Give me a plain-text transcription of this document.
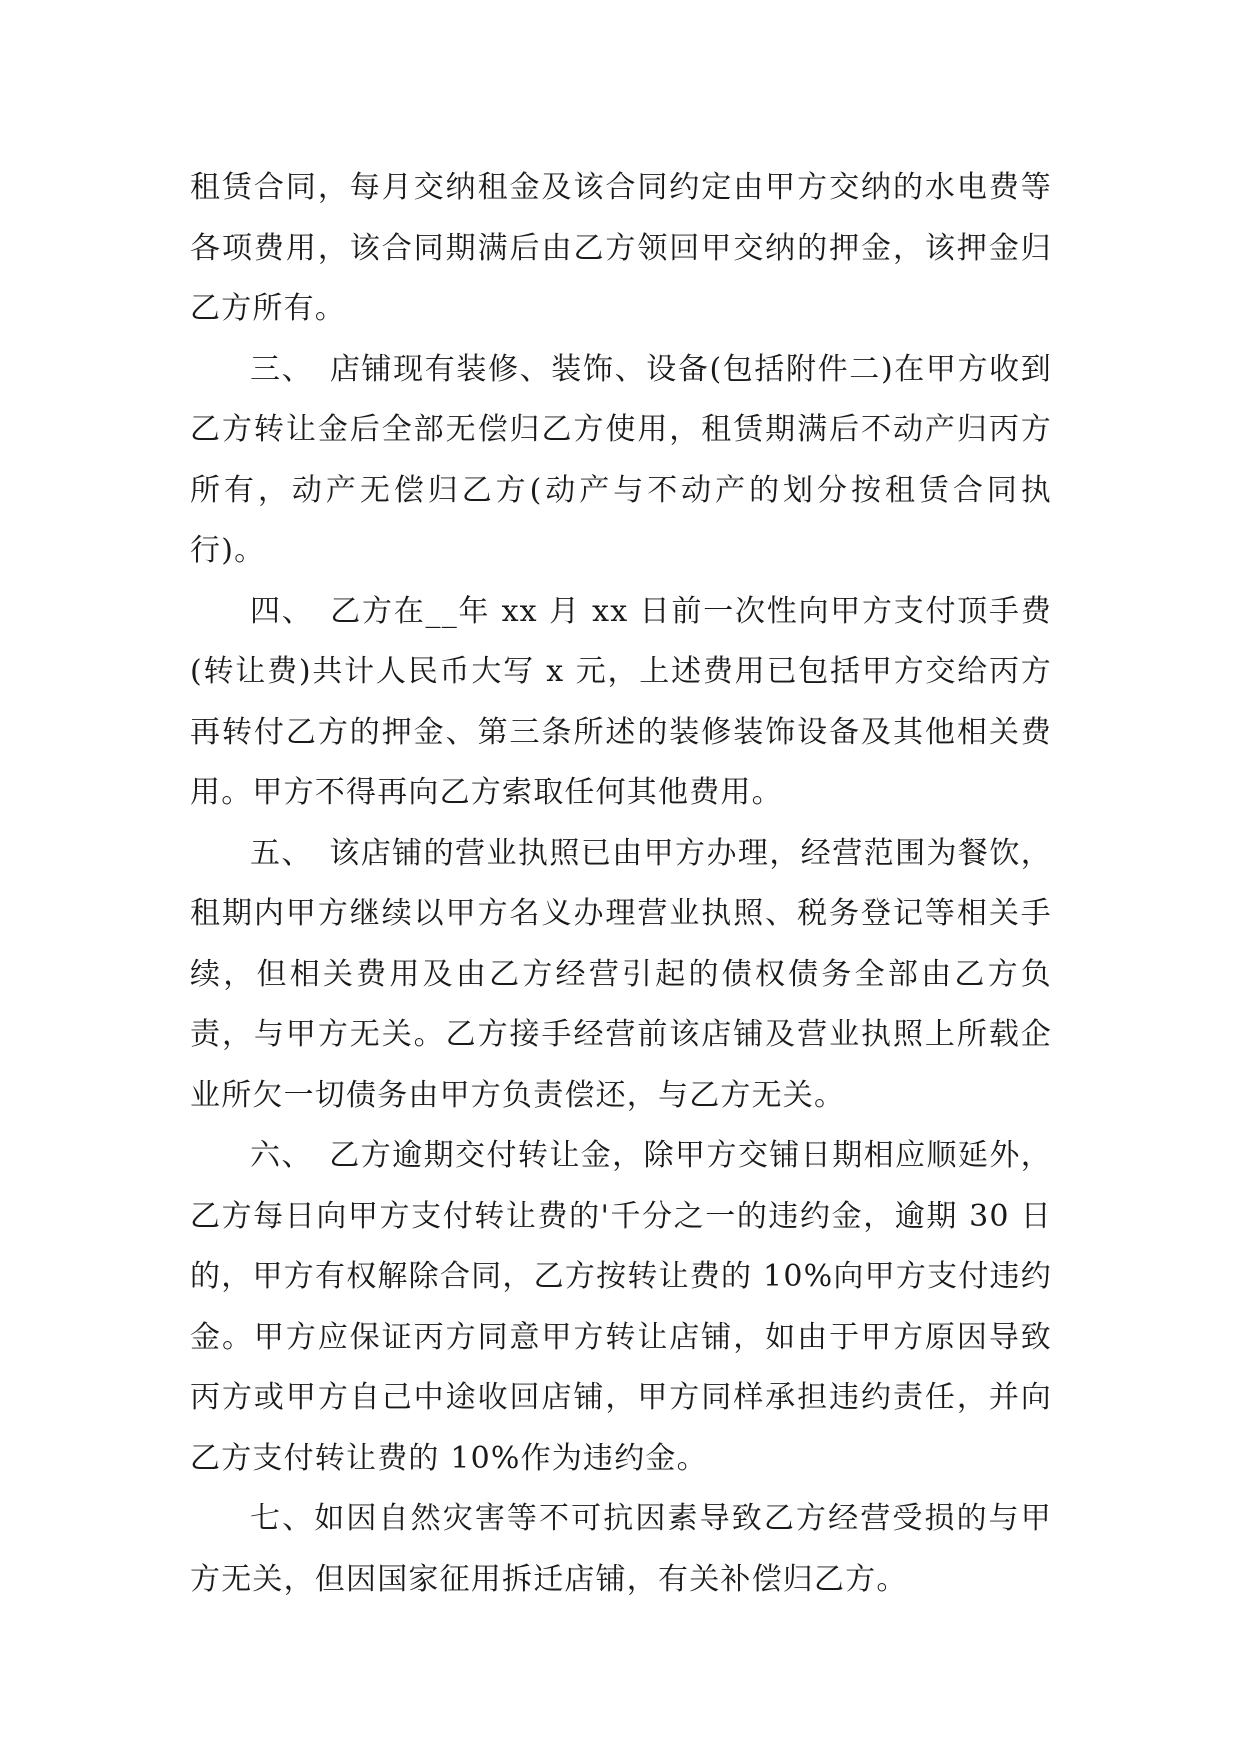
租赁合同，每月交纳租金及该合同约定由甲方交纳的水电费等各项费用，该合同期满后由乙方领回甲交纳的押金，该押金归乙方所有。

三、　店铺现有装修、装饰、设备(包括附件二)在甲方收到乙方转让金后全部无偿归乙方使用，租赁期满后不动产归丙方所有，动产无偿归乙方(动产与不动产的划分按租赁合同执行)。

四、　乙方在__年 xx 月 xx 日前一次性向甲方支付顶手费(转让费)共计人民币大写 x 元，上述费用已包括甲方交给丙方再转付乙方的押金、第三条所述的装修装饰设备及其他相关费用。甲方不得再向乙方索取任何其他费用。

五、　该店铺的营业执照已由甲方办理，经营范围为餐饮，租期内甲方继续以甲方名义办理营业执照、税务登记等相关手续，但相关费用及由乙方经营引起的债权债务全部由乙方负责，与甲方无关。乙方接手经营前该店铺及营业执照上所载企业所欠一切债务由甲方负责偿还，与乙方无关。

六、　乙方逾期交付转让金，除甲方交铺日期相应顺延外，乙方每日向甲方支付转让费的'千分之一的违约金，逾期 30 日的，甲方有权解除合同，乙方按转让费的 10%向甲方支付违约金。甲方应保证丙方同意甲方转让店铺，如由于甲方原因导致丙方或甲方自己中途收回店铺，甲方同样承担违约责任，并向乙方支付转让费的 10%作为违约金。

七、如因自然灾害等不可抗因素导致乙方经营受损的与甲方无关，但因国家征用拆迁店铺，有关补偿归乙方。
